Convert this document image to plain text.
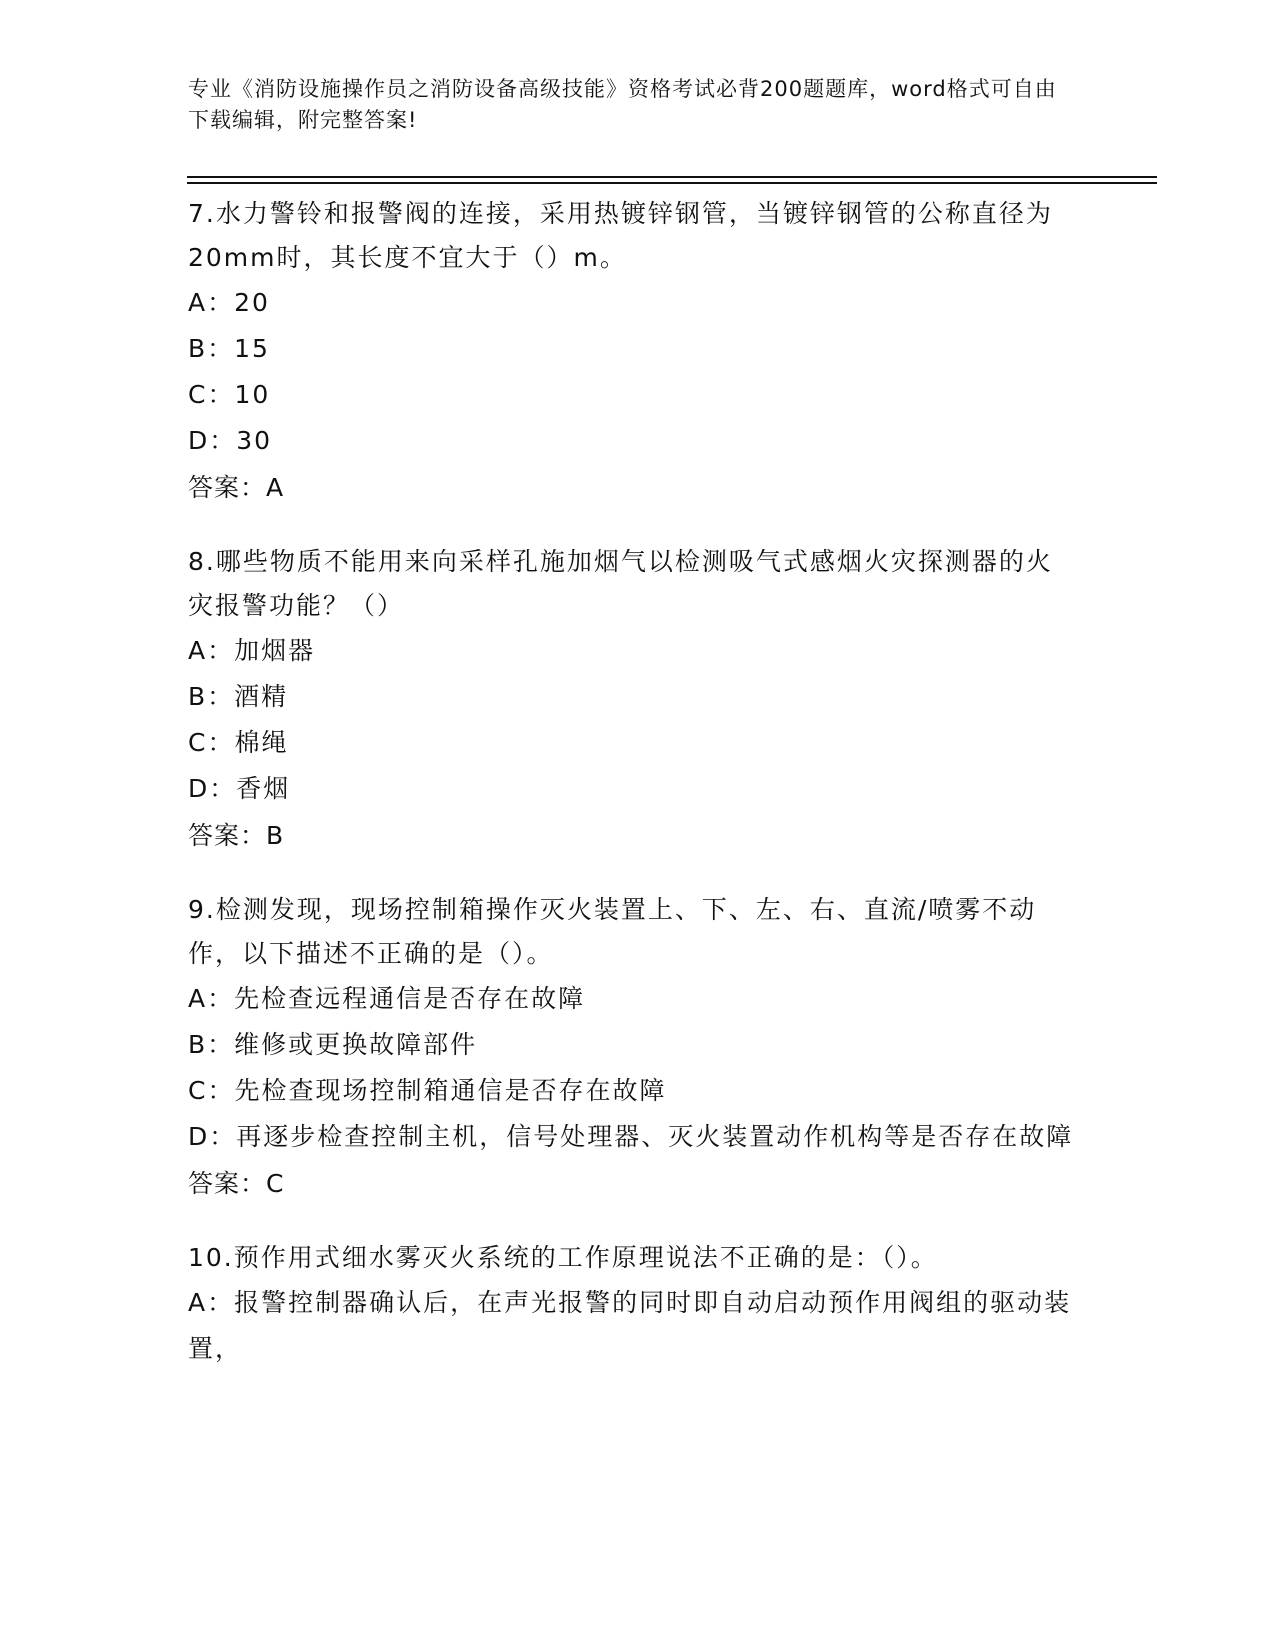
专业《消防设施操作员之消防设备高级技能》资格考试必背200题题库，word格式可自由下载编辑，附完整答案!
7.水力警铃和报警阀的连接，采用热镀锌钢管，当镀锌钢管的公称直径为20mm时，其长度不宜大于（）m。
A：20
B：15
C：10
D：30
答案：A
8.哪些物质不能用来向采样孔施加烟气以检测吸气式感烟火灾探测器的火灾报警功能？（）
A：加烟器
B：酒精
C：棉绳
D：香烟
答案：B
9.检测发现，现场控制箱操作灭火装置上、下、左、右、直流/喷雾不动作，以下描述不正确的是（）。
A：先检查远程通信是否存在故障
B：维修或更换故障部件
C：先检查现场控制箱通信是否存在故障
D：再逐步检查控制主机，信号处理器、灭火装置动作机构等是否存在故障
答案：C
10.预作用式细水雾灭火系统的工作原理说法不正确的是：（）。
A：报警控制器确认后，在声光报警的同时即自动启动预作用阀组的驱动装置，
